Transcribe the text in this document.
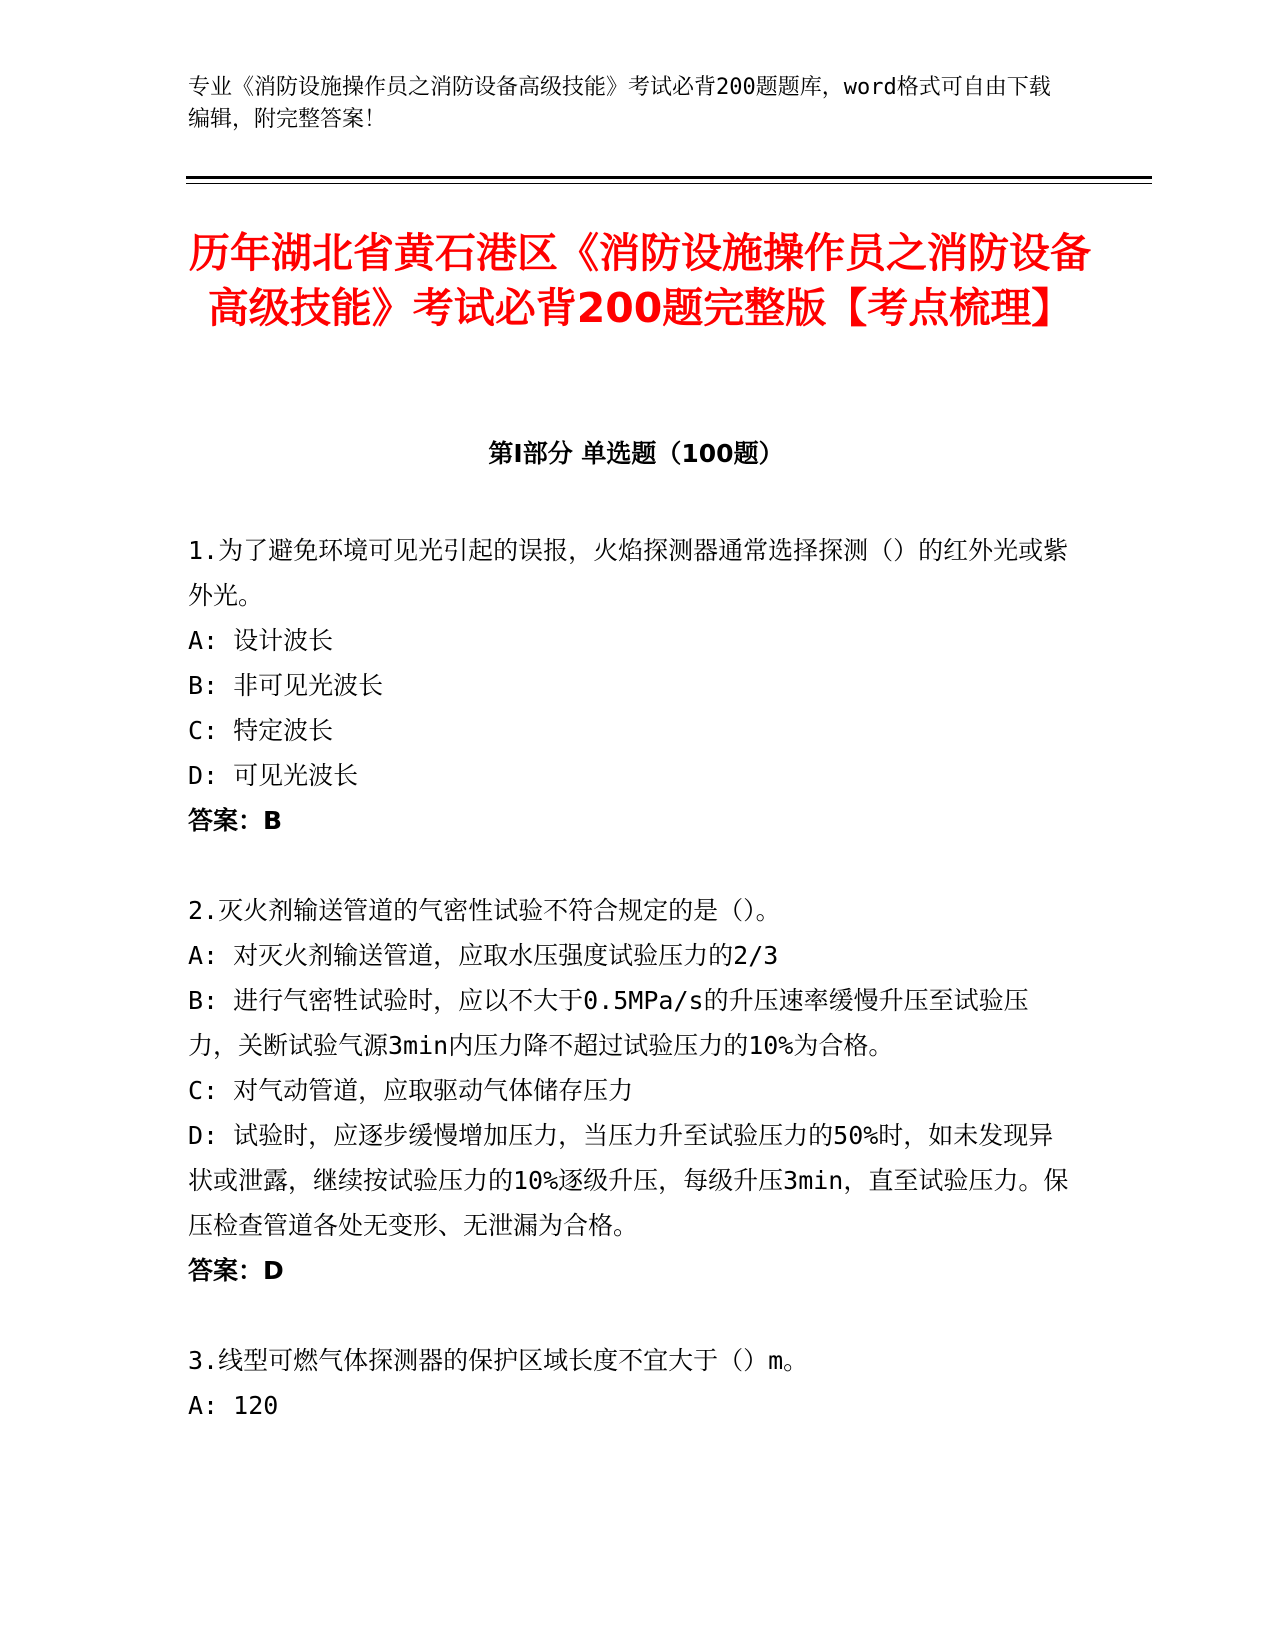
专业《消防设施操作员之消防设备高级技能》考试必背200题题库，word格式可自由下载编辑，附完整答案！
历年湖北省黄石港区《消防设施操作员之消防设备高级技能》考试必背200题完整版【考点梳理】
第I部分 单选题（100题）

1.为了避免环境可见光引起的误报，火焰探测器通常选择探测（）的红外光或紫外光。

A: 设计波长

B: 非可见光波长

C: 特定波长

D: 可见光波长

答案：B

2.灭火剂输送管道的气密性试验不符合规定的是（）。

A: 对灭火剂输送管道，应取水压强度试验压力的2/3

B: 进行气密牲试验时，应以不大于0.5MPa/s的升压速率缓慢升压至试验压力，关断试验气源3min内压力降不超过试验压力的10%为合格。

C: 对气动管道，应取驱动气体储存压力

D: 试验时，应逐步缓慢增加压力，当压力升至试验压力的50%时，如未发现异状或泄露，继续按试验压力的10%逐级升压，每级升压3min，直至试验压力。保压检查管道各处无变形、无泄漏为合格。

答案：D

3.线型可燃气体探测器的保护区域长度不宜大于（）m。

A: 120
